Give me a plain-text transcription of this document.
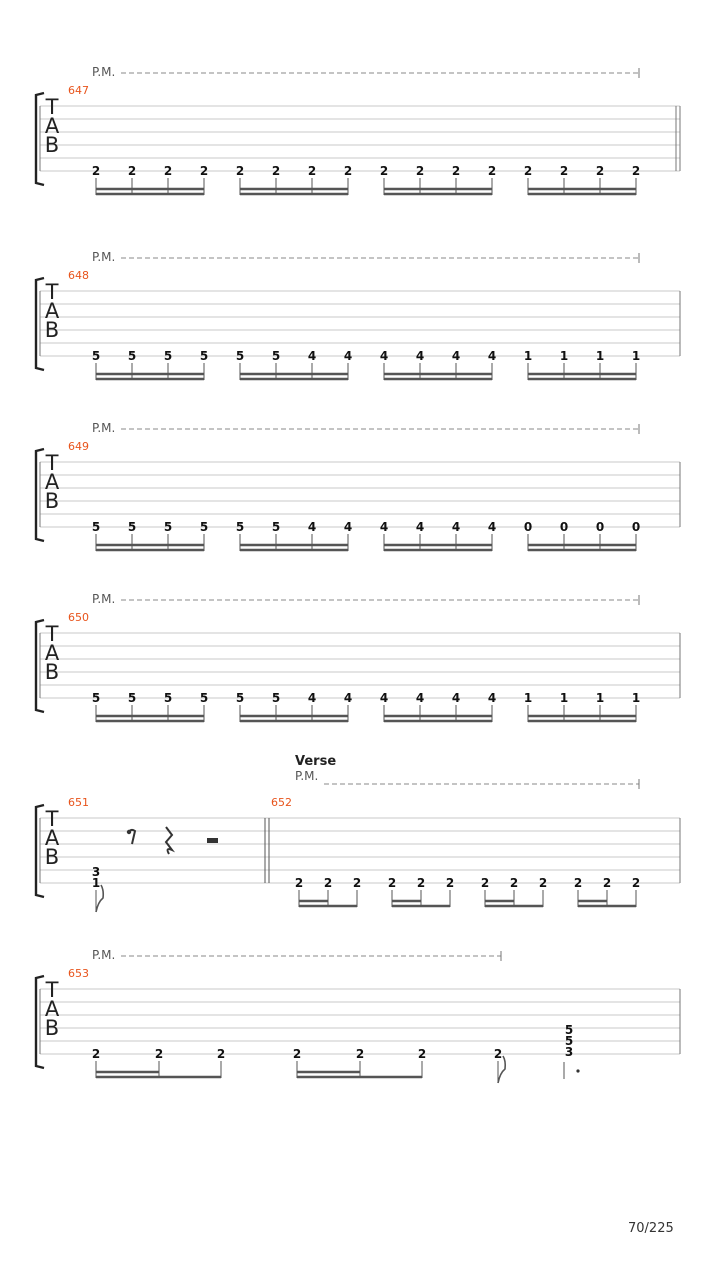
T
A
B
P.M.
647
2 2 2 2 2 2 2 2 2 2 2 2 2 2 2 2
T
A
B
P.M.
648
5 5 5 5 5 5 4 4 4 4 4 4 1 1 1 1
T
A
B
P.M.
649
5 5 5 5 5 5 4 4 4 4 4 4 0 0 0 0
T
A
B
P.M.
650
5 5 5 5 5 5 4 4 4 4 4 4 1 1 1 1
T
A
B
651	652
Verse
P.M.
3
1	2 2 2 2 2 2 2 2 2 2 2 2
T
A
B
P.M.
653
2	2	2	2	2	2	2
5
5
3
70/225
